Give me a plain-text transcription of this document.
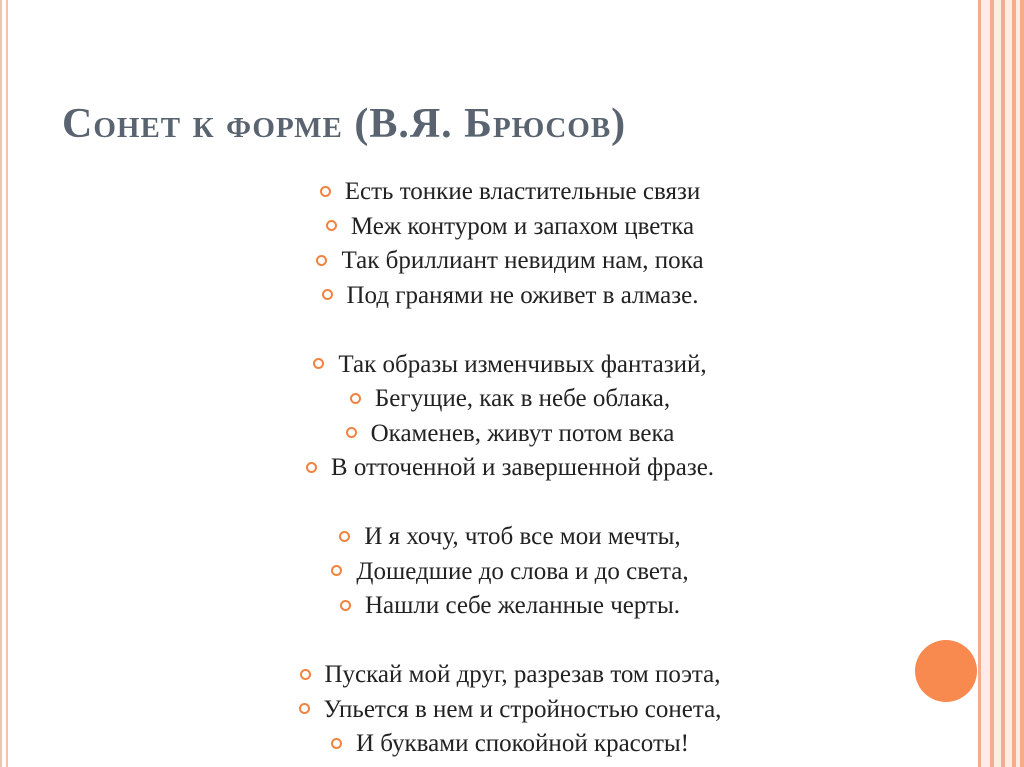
Сонет к форме (В.Я. Брюсов)
Есть тонкие властительные связи
Меж контуром и запахом цветка
Так бриллиант невидим нам, пока
Под гранями не оживет в алмазе.
Так образы изменчивых фантазий,
Бегущие, как в небе облака,
Окаменев, живут потом века
В отточенной и завершенной фразе.
И я хочу, чтоб все мои мечты,
Дошедшие до слова и до света,
Нашли себе желанные черты.
Пускай мой друг, разрезав том поэта,
Упьется в нем и стройностью сонета,
И буквами спокойной красоты!
